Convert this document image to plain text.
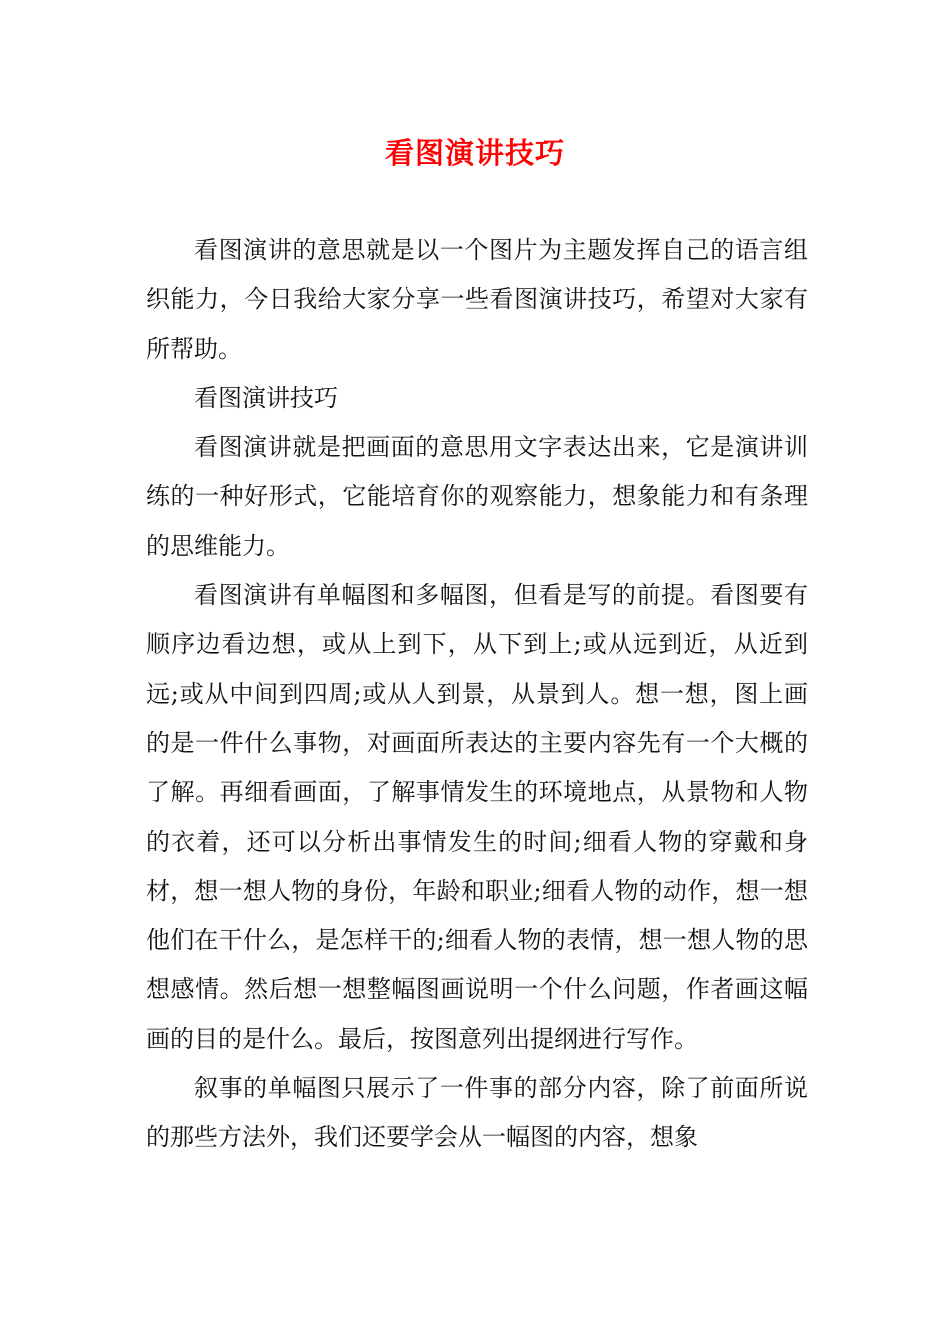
看图演讲技巧

看图演讲的意思就是以一个图片为主题发挥自己的语言组织能力，今日我给大家分享一些看图演讲技巧，希望对大家有所帮助。

看图演讲技巧

看图演讲就是把画面的意思用文字表达出来，它是演讲训练的一种好形式，它能培育你的观察能力，想象能力和有条理的思维能力。

看图演讲有单幅图和多幅图，但看是写的前提。看图要有顺序边看边想，或从上到下，从下到上;或从远到近，从近到远;或从中间到四周;或从人到景，从景到人。想一想，图上画的是一件什么事物，对画面所表达的主要内容先有一个大概的了解。再细看画面，了解事情发生的环境地点，从景物和人物的衣着，还可以分析出事情发生的时间;细看人物的穿戴和身材，想一想人物的身份，年龄和职业;细看人物的动作，想一想他们在干什么，是怎样干的;细看人物的表情，想一想人物的思想感情。然后想一想整幅图画说明一个什么问题，作者画这幅画的目的是什么。最后，按图意列出提纲进行写作。

叙事的单幅图只展示了一件事的部分内容，除了前面所说的那些方法外，我们还要学会从一幅图的内容，想象
